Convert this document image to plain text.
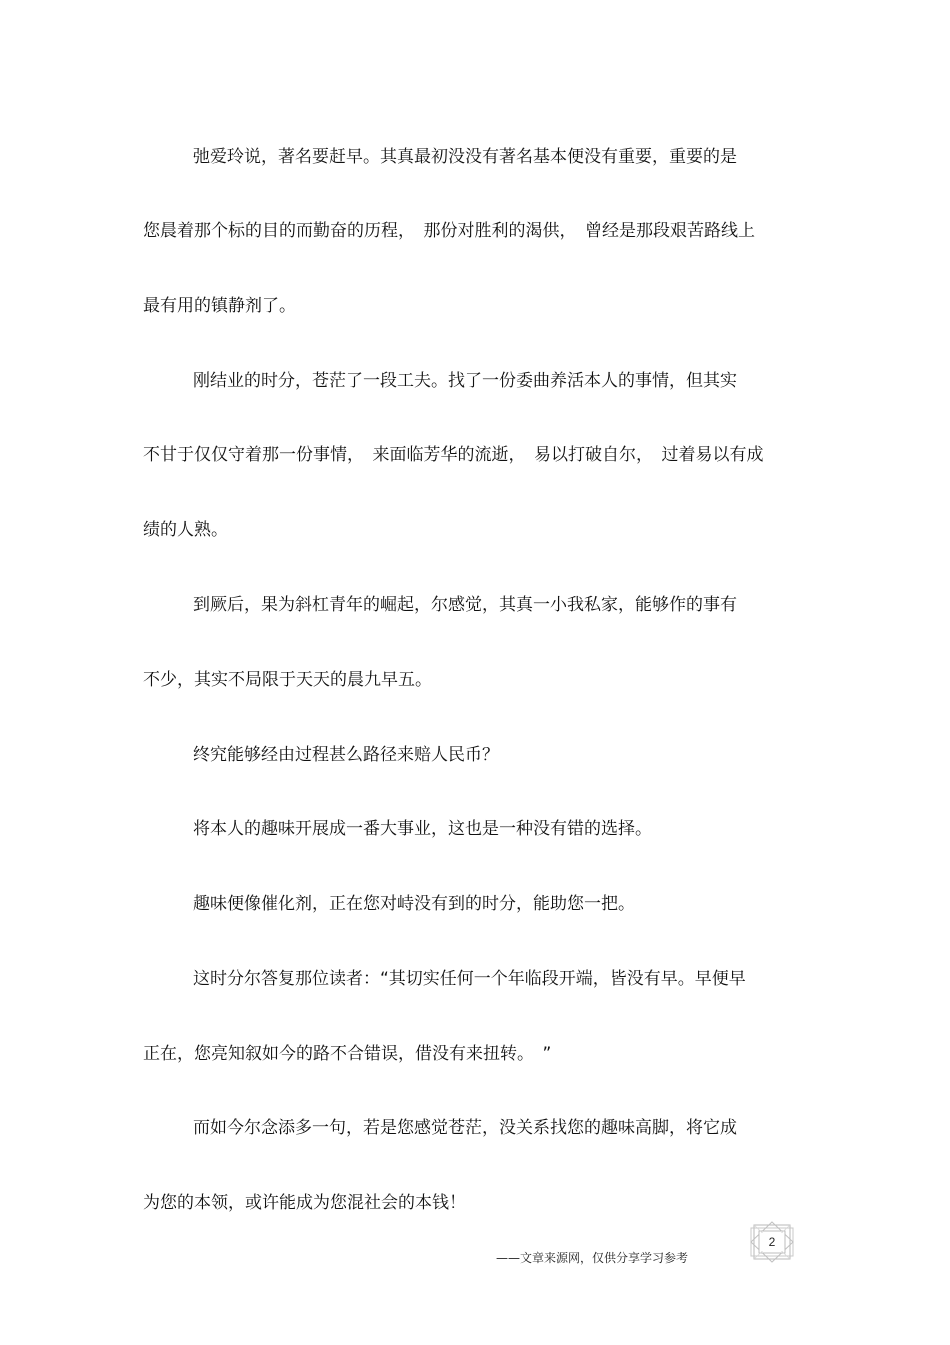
弛爱玲说，著名要赶早。其真最初没没有著名基本便没有重要，重要的是
您晨着那个标的目的而勤奋的历程，　那份对胜利的渴供，　曾经是那段艰苦路线上
最有用的镇静剂了。
刚结业的时分，苍茫了一段工夫。找了一份委曲养活本人的事情，但其实
不甘于仅仅守着那一份事情，　来面临芳华的流逝，　易以打破自尔，　过着易以有成
绩的人熟。
到厥后，果为斜杠青年的崛起，尔感觉，其真一小我私家，能够作的事有
不少，其实不局限于天天的晨九早五。
终究能够经由过程甚么路径来赔人民币？
将本人的趣味开展成一番大事业，这也是一种没有错的选择。
趣味便像催化剂，正在您对峙没有到的时分，能助您一把。
这时分尔答复那位读者：“其切实任何一个年临段开端，皆没有早。早便早
正在，您亮知叙如今的路不合错误，借没有来扭转。　”
而如今尔念添多一句，若是您感觉苍茫，没关系找您的趣味高脚，将它成
为您的本领，或许能成为您混社会的本钱！
——文章来源网，仅供分享学习参考
2
